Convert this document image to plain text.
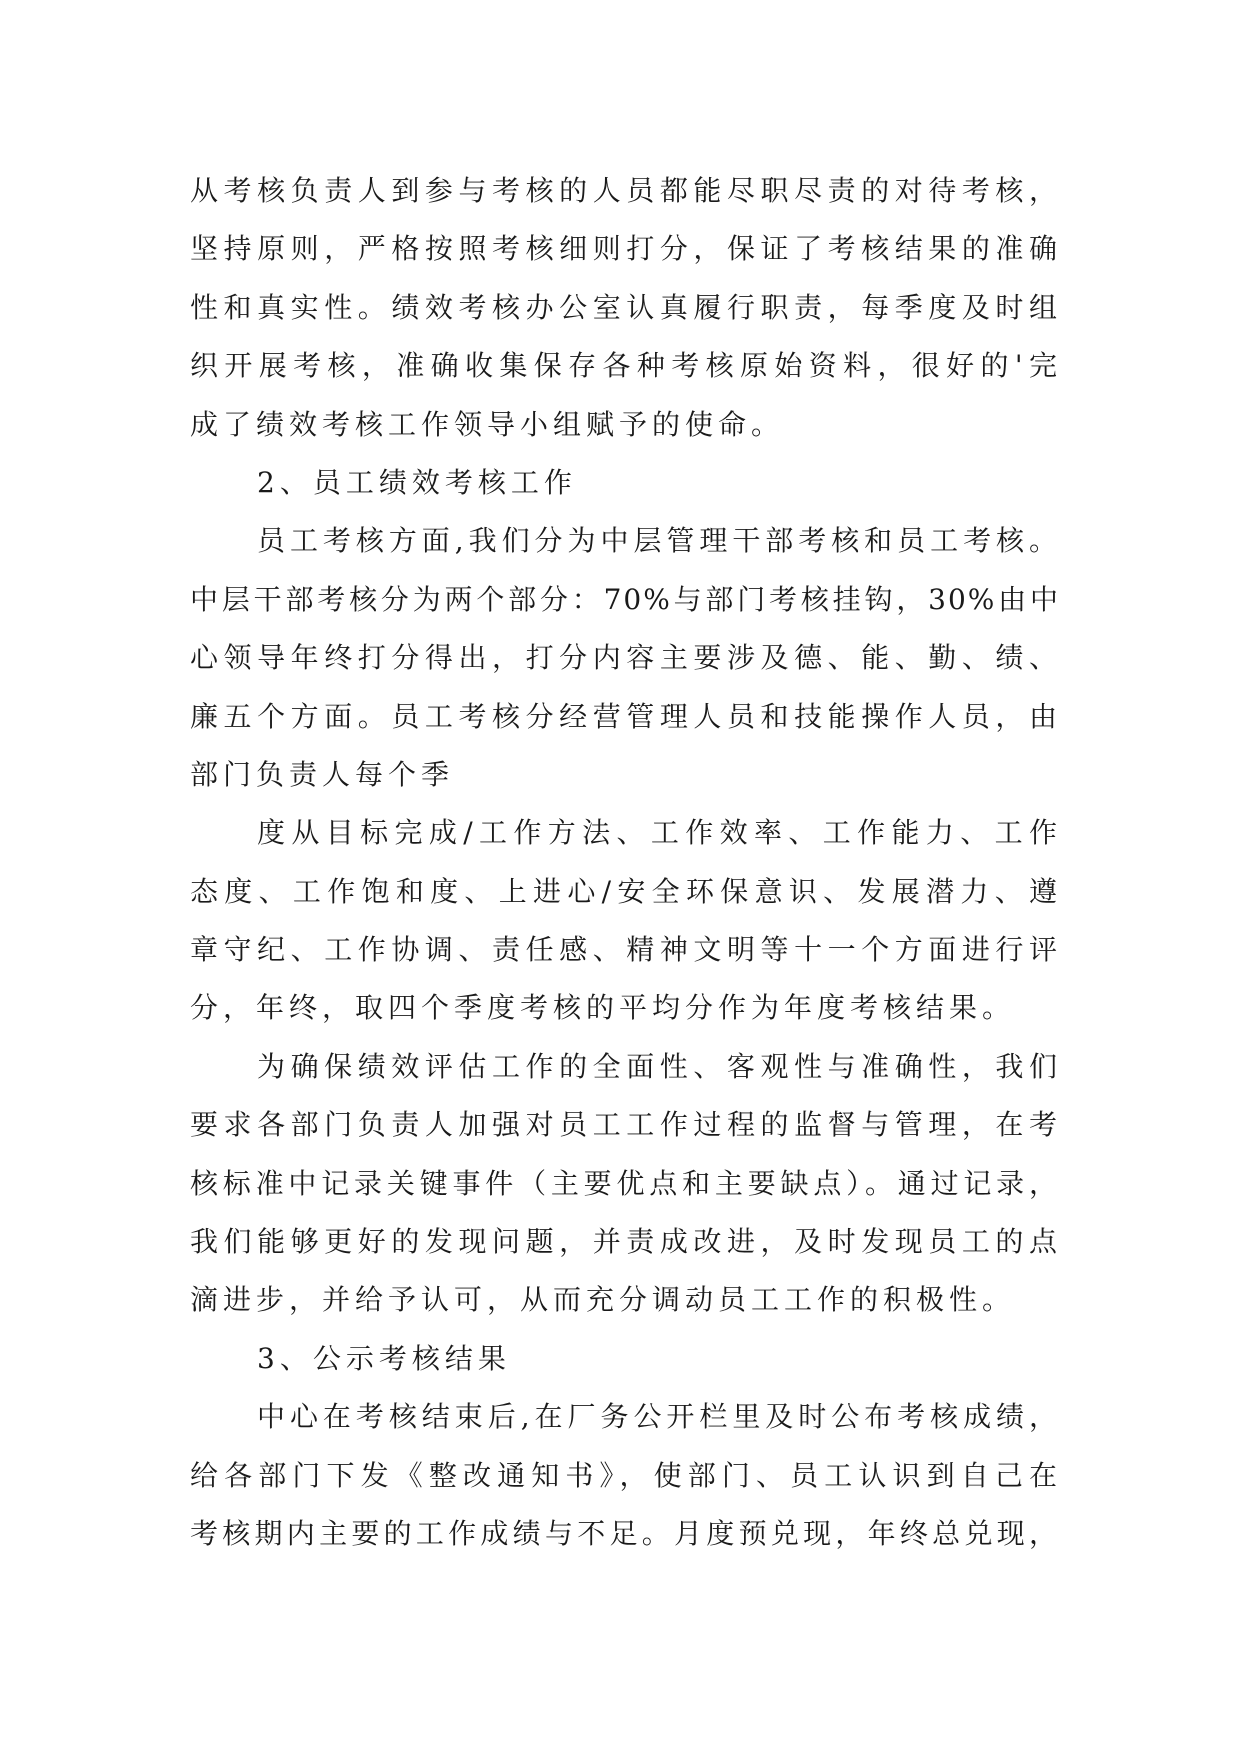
从考核负责人到参与考核的人员都能尽职尽责的对待考核，
坚持原则，严格按照考核细则打分，保证了考核结果的准确
性和真实性。绩效考核办公室认真履行职责，每季度及时组
织开展考核，准确收集保存各种考核原始资料，很好的'完
成了绩效考核工作领导小组赋予的使命。
2、员工绩效考核工作
员工考核方面,我们分为中层管理干部考核和员工考核。
中层干部考核分为两个部分：70%与部门考核挂钩，30%由中
心领导年终打分得出，打分内容主要涉及德、能、勤、绩、
廉五个方面。员工考核分经营管理人员和技能操作人员，由
部门负责人每个季
度从目标完成/工作方法、工作效率、工作能力、工作
态度、工作饱和度、上进心/安全环保意识、发展潜力、遵
章守纪、工作协调、责任感、精神文明等十一个方面进行评
分，年终，取四个季度考核的平均分作为年度考核结果。
为确保绩效评估工作的全面性、客观性与准确性，我们
要求各部门负责人加强对员工工作过程的监督与管理，在考
核标准中记录关键事件（主要优点和主要缺点）。通过记录，
我们能够更好的发现问题，并责成改进，及时发现员工的点
滴进步，并给予认可，从而充分调动员工工作的积极性。
3、公示考核结果
中心在考核结束后,在厂务公开栏里及时公布考核成绩，
给各部门下发《整改通知书》，使部门、员工认识到自己在
考核期内主要的工作成绩与不足。月度预兑现，年终总兑现，
